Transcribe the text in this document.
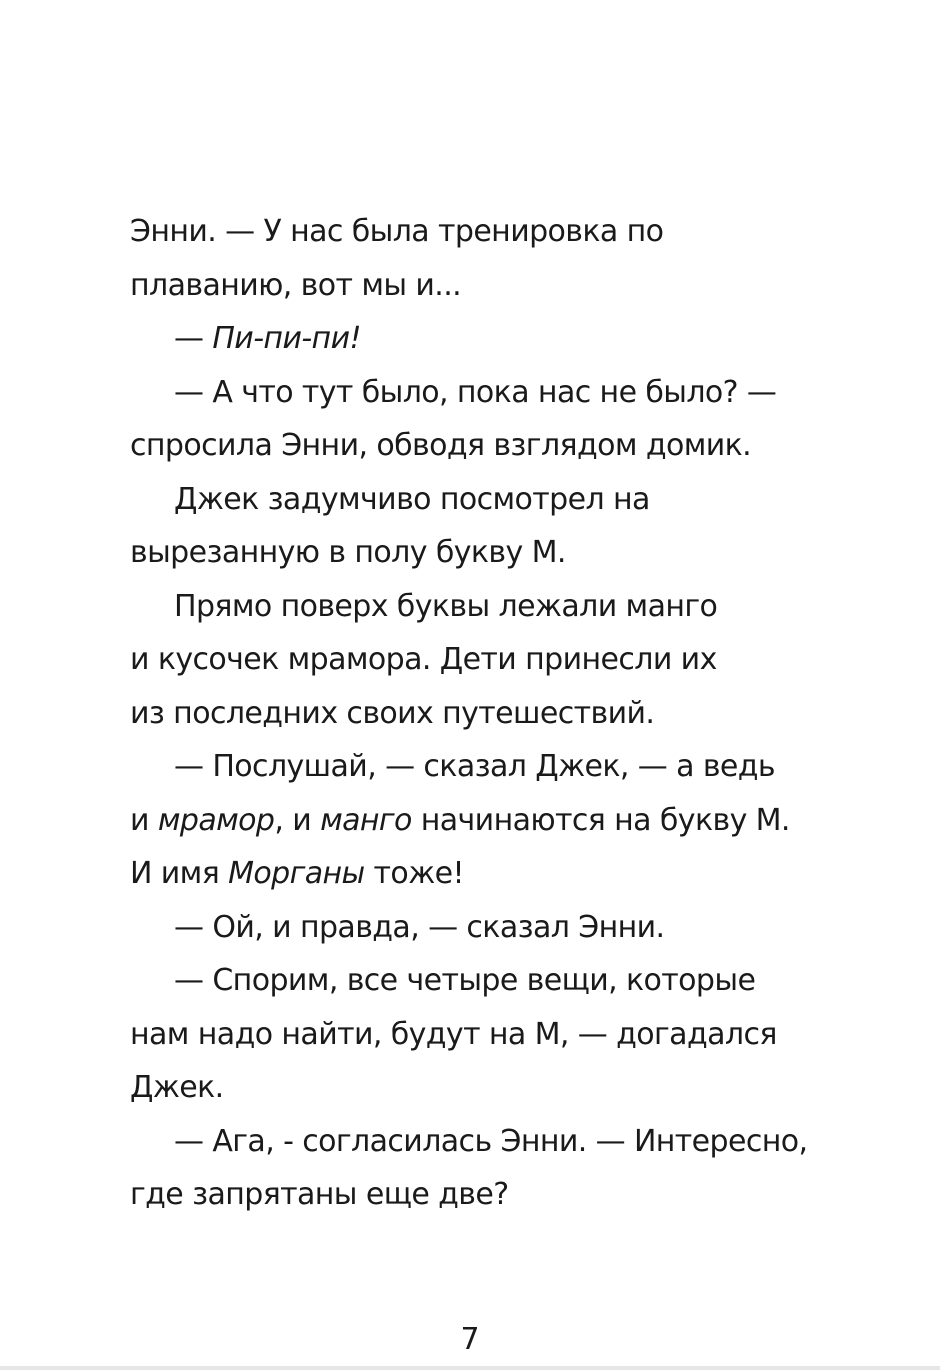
Энни. — У нас была тренировка по
плаванию, вот мы и...
— Пи-пи-пи!
— А что тут было, пока нас не было? —
спросила Энни, обводя взглядом домик.
Джек задумчиво посмотрел на
вырезанную в полу букву М.
Прямо поверх буквы лежали манго
и кусочек мрамора. Дети принесли их
из последних своих путешествий.
— Послушай, — сказал Джек, — а ведь
и мрамор, и манго начинаются на букву М.
И имя Морганы тоже!
— Ой, и правда, — сказал Энни.
— Спорим, все четыре вещи, которые
нам надо найти, будут на М, — догадался
Джек.
— Ага, - согласилась Энни. — Интересно,
где запрятаны еще две?
7
